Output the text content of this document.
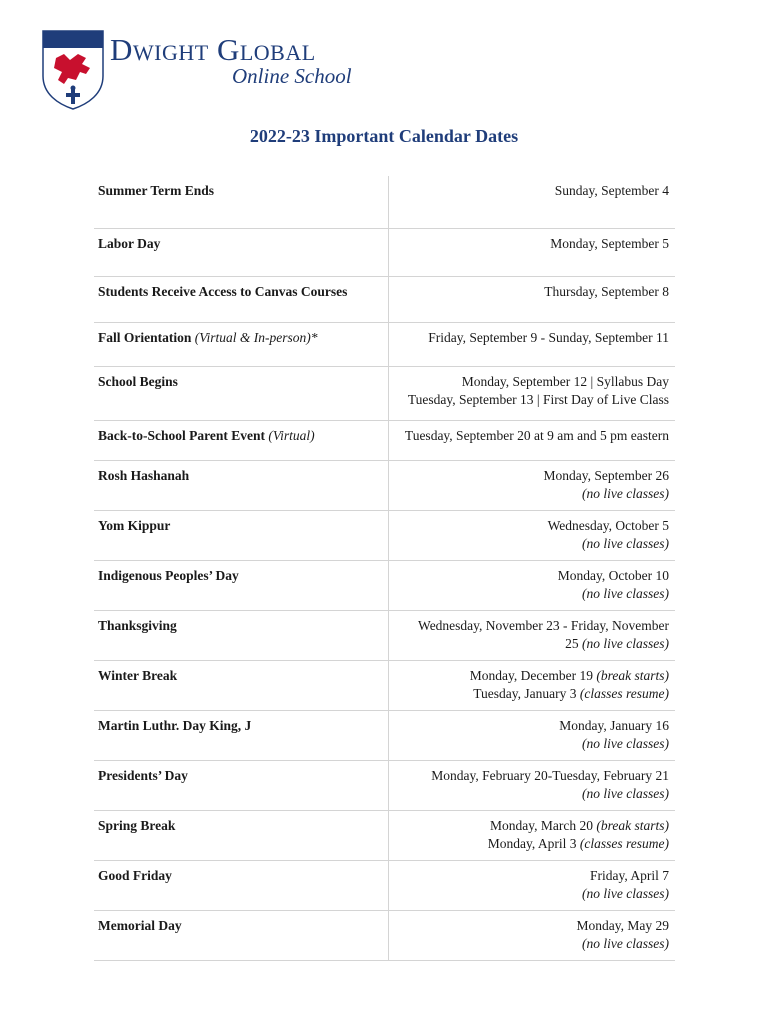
Dwight Global
Online School
2022-23 Important Calendar Dates
Summer Term Ends	Sunday, September 4

Labor Day	Monday, September 5

Students Receive Access to Canvas Courses	Thursday, September 8

Fall Orientation (Virtual & In-person)*	Friday, September 9 - Sunday, September 11

School Begins	Monday, September 12 | Syllabus Day
Tuesday, September 13 | First Day of Live Class

Back-to-School Parent Event (Virtual)	Tuesday, September 20 at 9 am and 5 pm eastern

Rosh Hashanah	Monday, September 26
(no live classes)

Yom Kippur	Wednesday, October 5
(no live classes)

Indigenous Peoples’ Day	Monday, October 10
(no live classes)

Thanksgiving	Wednesday, November 23 - Friday, November
25 (no live classes)

Winter Break	Monday, December 19 (break starts)
Tuesday, January 3 (classes resume)

Martin Luthr. Day King, J	Monday, January 16
(no live classes)

Presidents’ Day	Monday, February 20-Tuesday, February 21
(no live classes)

Spring Break	Monday, March 20 (break starts)
Monday, April 3 (classes resume)

Good Friday	Friday, April 7
(no live classes)

Memorial Day	Monday, May 29
(no live classes)
